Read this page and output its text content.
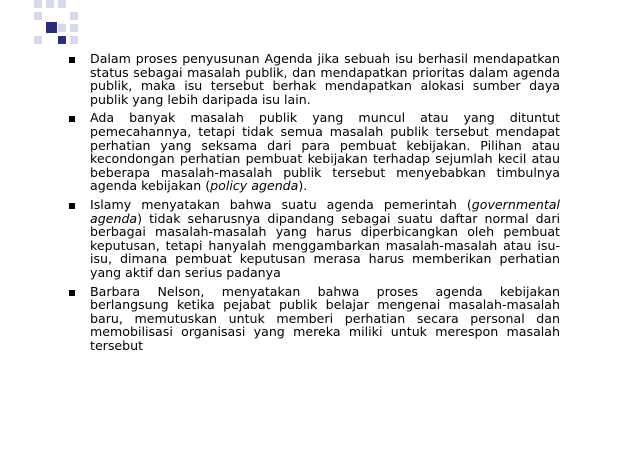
Dalam proses penyusunan Agenda jika sebuah isu berhasil mendapatkan status sebagai masalah publik, dan mendapatkan prioritas dalam agenda publik, maka isu tersebut berhak mendapatkan alokasi sumber daya publik yang lebih daripada isu lain.

Ada banyak masalah publik yang muncul atau yang dituntut pemecahannya, tetapi tidak semua masalah publik tersebut mendapat perhatian yang seksama dari para pembuat kebijakan. Pilihan atau kecondongan perhatian pembuat kebijakan terhadap sejumlah kecil atau beberapa masalah-masalah publik tersebut menyebabkan timbulnya agenda kebijakan (policy agenda).

Islamy menyatakan bahwa suatu agenda pemerintah (governmental agenda) tidak seharusnya dipandang sebagai suatu daftar normal dari berbagai masalah-masalah yang harus diperbicangkan oleh pembuat keputusan, tetapi hanyalah menggambarkan masalah-masalah atau isu-isu, dimana pembuat keputusan merasa harus memberikan perhatian yang aktif dan serius padanya

Barbara Nelson, menyatakan bahwa proses agenda kebijakan berlangsung ketika pejabat publik belajar mengenai masalah-masalah baru, memutuskan untuk memberi perhatian secara personal dan memobilisasi organisasi yang mereka miliki untuk merespon masalah tersebut
